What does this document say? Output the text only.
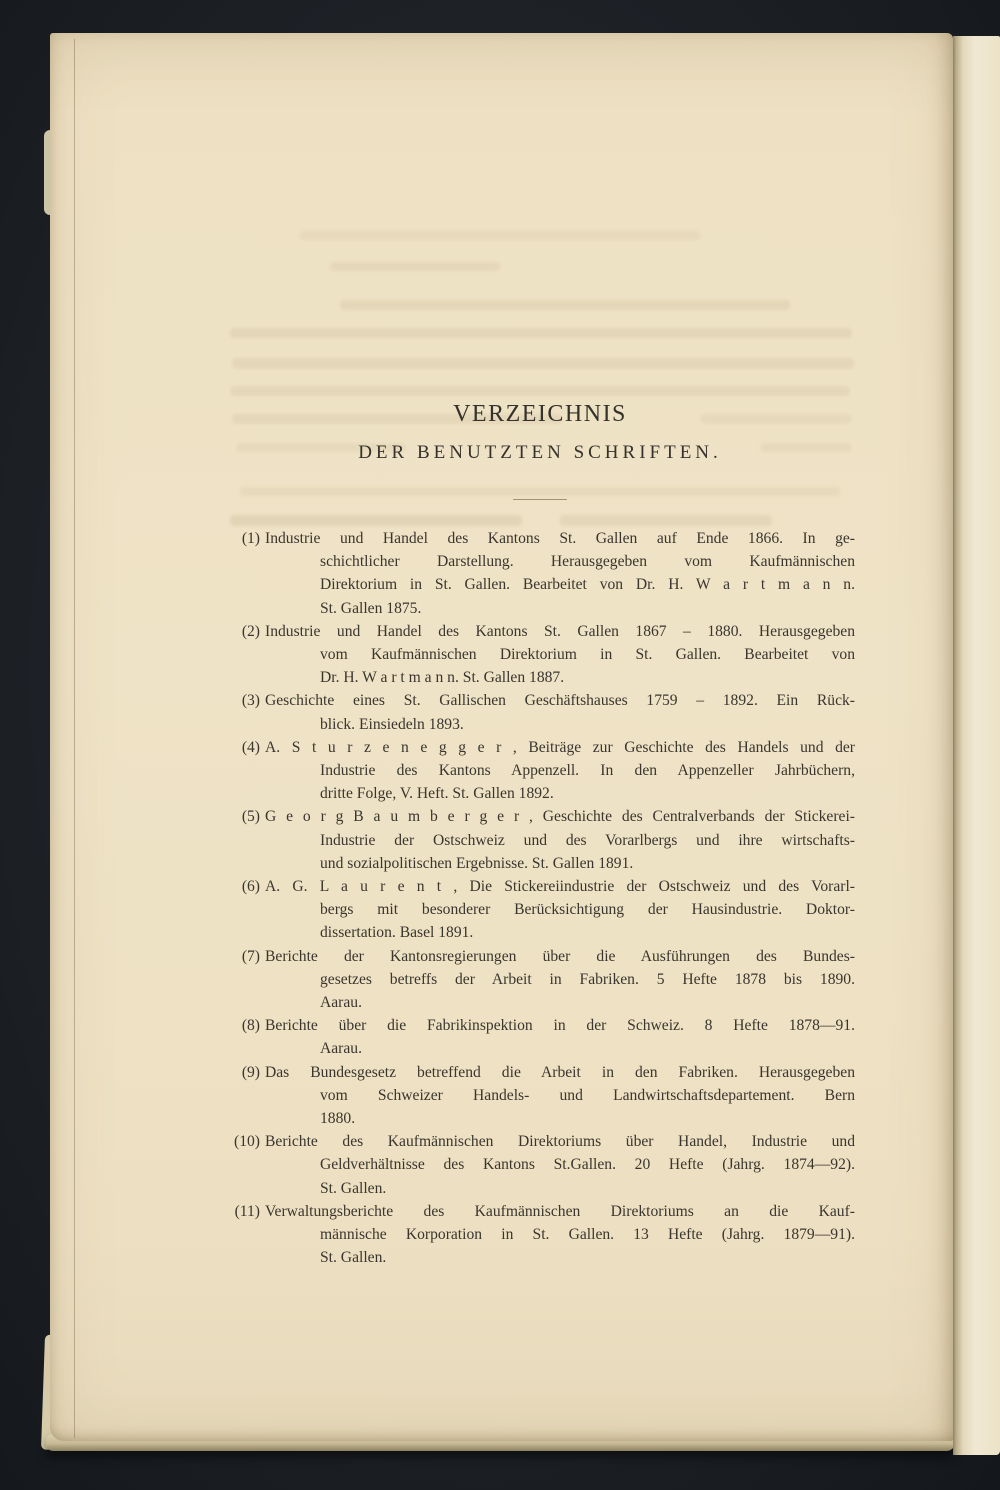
VERZEICHNIS
DER BENUTZTEN SCHRIFTEN.
(1) Industrie und Handel des Kantons St. Gallen auf Ende 1866. In ge-
schichtlicher Darstellung. Herausgegeben vom Kaufmännischen
Direktorium in St. Gallen. Bearbeitet von Dr. H. W a r t m a n n.
St. Gallen 1875.
(2) Industrie und Handel des Kantons St. Gallen 1867 – 1880. Herausgegeben
vom Kaufmännischen Direktorium in St. Gallen. Bearbeitet von
Dr. H. W a r t m a n n. St. Gallen 1887.
(3) Geschichte eines St. Gallischen Geschäftshauses 1759 – 1892. Ein Rück-
blick. Einsiedeln 1893.
(4) A. S t u r z e n e g g e r , Beiträge zur Geschichte des Handels und der
Industrie des Kantons Appenzell. In den Appenzeller Jahrbüchern,
dritte Folge, V. Heft. St. Gallen 1892.
(5) G e o r g B a u m b e r g e r , Geschichte des Centralverbands der Stickerei-
Industrie der Ostschweiz und des Vorarlbergs und ihre wirtschafts-
und sozialpolitischen Ergebnisse. St. Gallen 1891.
(6) A. G. L a u r e n t , Die Stickereiindustrie der Ostschweiz und des Vorarl-
bergs mit besonderer Berücksichtigung der Hausindustrie. Doktor-
dissertation. Basel 1891.
(7) Berichte der Kantonsregierungen über die Ausführungen des Bundes-
gesetzes betreffs der Arbeit in Fabriken. 5 Hefte 1878 bis 1890.
Aarau.
(8) Berichte über die Fabrikinspektion in der Schweiz. 8 Hefte 1878—91.
Aarau.
(9) Das Bundesgesetz betreffend die Arbeit in den Fabriken. Herausgegeben
vom Schweizer Handels- und Landwirtschaftsdepartement. Bern
1880.
(10) Berichte des Kaufmännischen Direktoriums über Handel, Industrie und
Geldverhältnisse des Kantons St.Gallen. 20 Hefte (Jahrg. 1874—92).
St. Gallen.
(11) Verwaltungsberichte des Kaufmännischen Direktoriums an die Kauf-
männische Korporation in St. Gallen. 13 Hefte (Jahrg. 1879—91).
St. Gallen.
